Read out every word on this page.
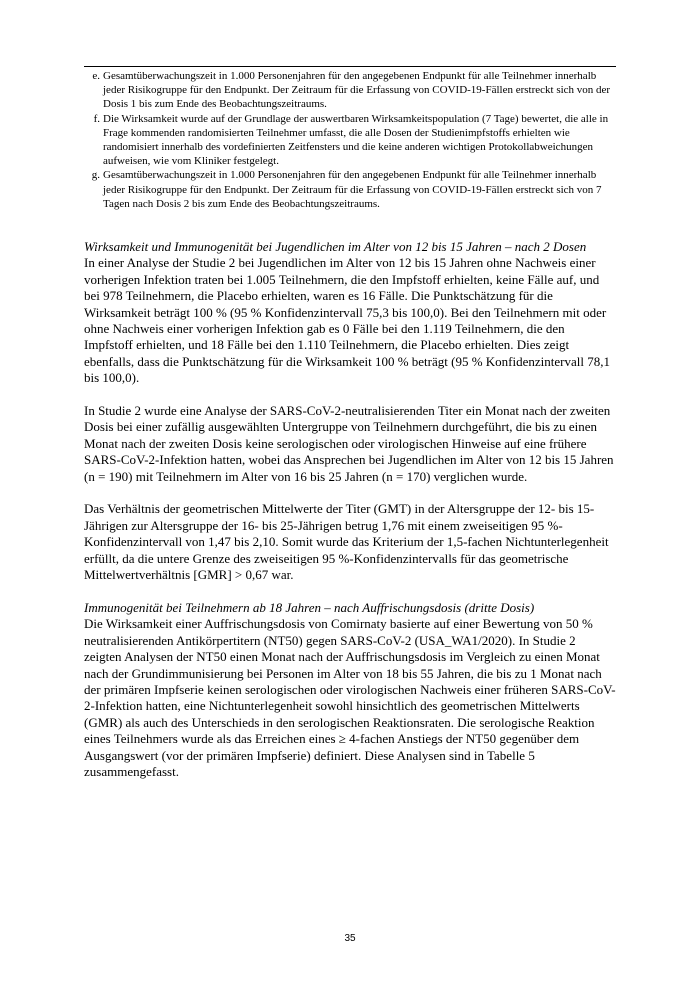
e. Gesamtüberwachungszeit in 1.000 Personenjahren für den angegebenen Endpunkt für alle Teilnehmer innerhalb jeder Risikogruppe für den Endpunkt. Der Zeitraum für die Erfassung von COVID-19-Fällen erstreckt sich von der Dosis 1 bis zum Ende des Beobachtungszeitraums.
f. Die Wirksamkeit wurde auf der Grundlage der auswertbaren Wirksamkeitspopulation (7 Tage) bewertet, die alle in Frage kommenden randomisierten Teilnehmer umfasst, die alle Dosen der Studienimpfstoffs erhielten wie randomisiert innerhalb des vordefinierten Zeitfensters und die keine anderen wichtigen Protokollabweichungen aufweisen, wie vom Kliniker festgelegt.
g. Gesamtüberwachungszeit in 1.000 Personenjahren für den angegebenen Endpunkt für alle Teilnehmer innerhalb jeder Risikogruppe für den Endpunkt. Der Zeitraum für die Erfassung von COVID-19-Fällen erstreckt sich von 7 Tagen nach Dosis 2 bis zum Ende des Beobachtungszeitraums.
Wirksamkeit und Immunogenität bei Jugendlichen im Alter von 12 bis 15 Jahren – nach 2 Dosen

In einer Analyse der Studie 2 bei Jugendlichen im Alter von 12 bis 15 Jahren ohne Nachweis einer vorherigen Infektion traten bei 1.005 Teilnehmern, die den Impfstoff erhielten, keine Fälle auf, und bei 978 Teilnehmern, die Placebo erhielten, waren es 16 Fälle. Die Punktschätzung für die Wirksamkeit beträgt 100 % (95 % Konfidenzintervall 75,3 bis 100,0). Bei den Teilnehmern mit oder ohne Nachweis einer vorherigen Infektion gab es 0 Fälle bei den 1.119 Teilnehmern, die den Impfstoff erhielten, und 18 Fälle bei den 1.110 Teilnehmern, die Placebo erhielten. Dies zeigt ebenfalls, dass die Punktschätzung für die Wirksamkeit 100 % beträgt (95 % Konfidenzintervall 78,1 bis 100,0).

In Studie 2 wurde eine Analyse der SARS-CoV-2-neutralisierenden Titer ein Monat nach der zweiten Dosis bei einer zufällig ausgewählten Untergruppe von Teilnehmern durchgeführt, die bis zu einen Monat nach der zweiten Dosis keine serologischen oder virologischen Hinweise auf eine frühere SARS-CoV-2-Infektion hatten, wobei das Ansprechen bei Jugendlichen im Alter von 12 bis 15 Jahren (n = 190) mit Teilnehmern im Alter von 16 bis 25 Jahren (n = 170) verglichen wurde.

Das Verhältnis der geometrischen Mittelwerte der Titer (GMT) in der Altersgruppe der 12- bis 15-Jährigen zur Altersgruppe der 16- bis 25-Jährigen betrug 1,76 mit einem zweiseitigen 95 %-Konfidenzintervall von 1,47 bis 2,10. Somit wurde das Kriterium der 1,5-fachen Nichtunterlegenheit erfüllt, da die untere Grenze des zweiseitigen 95 %-Konfidenzintervalls für das geometrische Mittelwertverhältnis [GMR] > 0,67 war.

Immunogenität bei Teilnehmern ab 18 Jahren – nach Auffrischungsdosis (dritte Dosis)

Die Wirksamkeit einer Auffrischungsdosis von Comirnaty basierte auf einer Bewertung von 50 % neutralisierenden Antikörpertitern (NT50) gegen SARS-CoV-2 (USA_WA1/2020). In Studie 2 zeigten Analysen der NT50 einen Monat nach der Auffrischungsdosis im Vergleich zu einen Monat nach der Grundimmunisierung bei Personen im Alter von 18 bis 55 Jahren, die bis zu 1 Monat nach der primären Impfserie keinen serologischen oder virologischen Nachweis einer früheren SARS-CoV-2-Infektion hatten, eine Nichtunterlegenheit sowohl hinsichtlich des geometrischen Mittelwerts (GMR) als auch des Unterschieds in den serologischen Reaktionsraten. Die serologische Reaktion eines Teilnehmers wurde als das Erreichen eines ≥ 4-fachen Anstiegs der NT50 gegenüber dem Ausgangswert (vor der primären Impfserie) definiert. Diese Analysen sind in Tabelle 5 zusammengefasst.

35
